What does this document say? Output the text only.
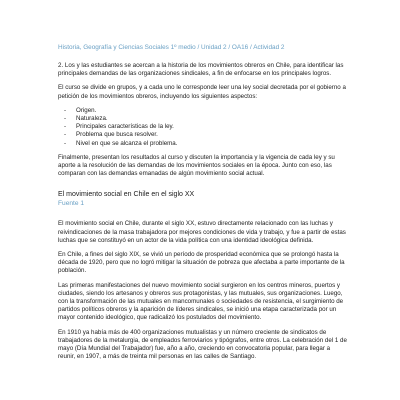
Historia, Geografía y Ciencias Sociales 1º medio / Unidad 2 / OA16 / Actividad 2

2. Los y las estudiantes se acercan a la historia de los movimientos obreros en Chile, para identificar las principales demandas de las organizaciones sindicales, a fin de enfocarse en los principales logros.

El curso se divide en grupos, y a cada uno le corresponde leer una ley social decretada por el gobierno a petición de los movimientos obreros, incluyendo los siguientes aspectos:

- Origen.
- Naturaleza.
- Principales características de la ley.
- Problema que busca resolver.
- Nivel en que se alcanza el problema.

Finalmente, presentan los resultados al curso y discuten la importancia y la vigencia de cada ley y su aporte a la resolución de las demandas de los movimientos sociales en la época. Junto con eso, las comparan con las demandas emanadas de algún movimiento social actual.

El movimiento social en Chile en el siglo XX
Fuente 1

El movimiento social en Chile, durante el siglo XX, estuvo directamente relacionado con las luchas y reivindicaciones de la masa trabajadora por mejores condiciones de vida y trabajo, y fue a partir de estas luchas que se constituyó en un actor de la vida política con una identidad ideológica definida.

En Chile, a fines del siglo XIX, se vivió un período de prosperidad económica que se prolongó hasta la década de 1920, pero que no logró mitigar la situación de pobreza que afectaba a parte importante de la población.

Las primeras manifestaciones del nuevo movimiento social surgieron en los centros mineros, puertos y ciudades, siendo los artesanos y obreros sus protagonistas, y las mutuales, sus organizaciones. Luego, con la transformación de las mutuales en mancomunales o sociedades de resistencia, el surgimiento de partidos políticos obreros y la aparición de líderes sindicales, se inició una etapa caracterizada por un mayor contenido ideológico, que radicalizó los postulados del movimiento.

En 1910 ya había más de 400 organizaciones mutualistas y un número creciente de sindicatos de trabajadores de la metalurgia, de empleados ferroviarios y tipógrafos, entre otros. La celebración del 1 de mayo (Día Mundial del Trabajador) fue, año a año, creciendo en convocatoria popular, para llegar a reunir, en 1907, a más de treinta mil personas en las calles de Santiago.
